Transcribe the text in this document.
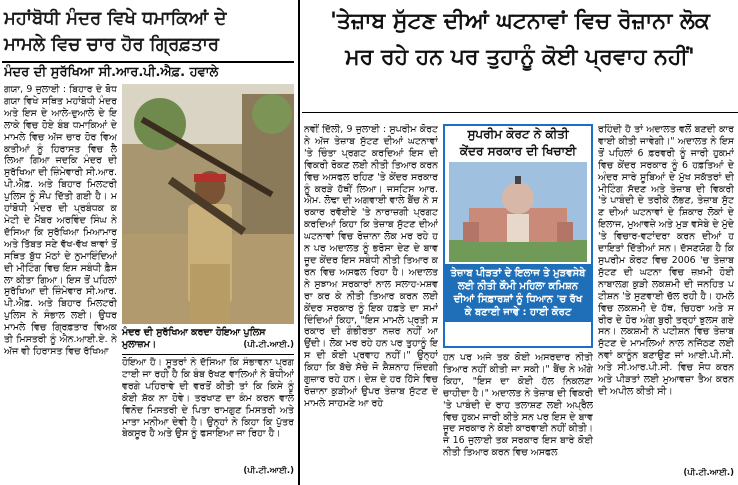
ਮਹਾਂਬੋਧੀ ਮੰਦਰ ਵਿਖੇ ਧਮਾਕਿਆਂ ਦੇ
ਮਾਮਲੇ ਵਿਚ ਚਾਰ ਹੋਰ ਗ੍ਰਿਫ਼ਤਾਰ
ਮੰਦਰ ਦੀ ਸੁਰੱਖਿਆ ਸੀ.ਆਰ.ਪੀ.ਐਫ਼. ਹਵਾਲੇ
ਗਯਾ, 9 ਜੁਲਾਈ : ਬਿਹਾਰ ਦੇ ਬੋਧ ਗਯਾ ਵਿਖੇ ਸਥਿਤ ਮਹਾਂਬੋਧੀ ਮੰਦਰ ਅਤੇ ਇਸ ਦੇ ਆਲੇ-ਦੁਆਲੇ ਦੇ ਇਲਾਕੇ ਵਿਚ ਹੋਏ ਬੰਬ ਧਮਾਕਿਆਂ ਦੇ ਮਾਮਲੇ ਵਿਚ ਅੱਜ ਚਾਰ ਹੋਰ ਵਿਅਕਤੀਆਂ ਨੂੰ ਹਿਰਾਸਤ ਵਿਚ ਲੈ ਲਿਆ ਗਿਆ ਜਦਕਿ ਮੰਦਰ ਦੀ ਸੁਰੱਖਿਆ ਦੀ ਜ਼ਿੰਮੇਵਾਰੀ ਸੀ.ਆਰ.ਪੀ.ਐਫ਼. ਅਤੇ ਬਿਹਾਰ ਮਿਲਟਰੀ ਪੁਲਿਸ ਨੂੰ ਸੌਂਪ ਦਿੱਤੀ ਗਈ ਹੈ। ਮਹਾਂਬੋਧੀ ਮੰਦਰ ਦੀ ਪ੍ਰਬੰਧਕ ਕਮੇਟੀ ਦੇ ਮੈਂਬਰ ਅਰਵਿੰਦ ਸਿੰਘ ਨੇ ਦੱਸਿਆ ਕਿ ਸੁਰੱਖਿਆ ਮਿਆਮਾਰ ਅਤੇ ਤਿੱਬਤ ਸਣੇ ਵੱਖ-ਵੱਖ ਥਾਵਾਂ ਤੋਂ ਸਥਿਤ ਬੁੱਧ ਮੱਠਾਂ ਦੇ ਨੁਮਾਇੰਦਿਆਂ ਦੀ ਮੀਟਿੰਗ ਵਿਚ ਇਸ ਸਬੰਧੀ ਫ਼ੈਸਲਾ ਕੀਤਾ ਗਿਆ। ਇਸ ਤੋਂ ਪਹਿਲਾਂ ਸੁਰੱਖਿਆ ਦੀ ਜ਼ਿੰਮੇਵਾਰ ਸੀ.ਆਰ.ਪੀ.ਐਫ਼. ਅਤੇ ਬਿਹਾਰ ਮਿਲਟਰੀ ਪੁਲਿਸ ਨੇ ਸੰਭਾਲ ਲਈ। ਉਧਰ ਮਾਮਲੇ ਵਿਚ ਗ੍ਰਿਫ਼ਤਾਰ ਵਿਅਕਤੀ ਮਿਸਤਰੀ ਨੂੰ ਐਨ.ਆਈ.ਏ. ਨੇ ਅੱਜ ਵੀ ਹਿਰਾਸਤ ਵਿਚ ਰੱਖਿਆ
ਮੰਦਰ ਦੀ ਸੁਰੱਖਿਆ ਕਰਦਾ ਹੋਇਆ ਪੁਲਿਸ ਮੁਲਾਜ਼ਮ।	(ਪੀ.ਟੀ.ਆਈ.)
ਹੋਇਆ ਹੈ। ਸੂਤਰਾਂ ਨੇ ਦੱਸਿਆ ਕਿ ਸੰਭਾਵਨਾ ਪ੍ਰਗਟਾਈ ਜਾ ਰਹੀ ਹੈ ਕਿ ਬੰਬ ਰੱਖਣ ਵਾਲਿਆਂ ਨੇ ਬੋਧੀਆਂ ਵਰਗੇ ਪਹਿਰਾਵੇ ਦੀ ਵਰਤੋਂ ਕੀਤੀ ਤਾਂ ਕਿ ਕਿਸੇ ਨੂੰ ਕੋਈ ਸ਼ੱਕ ਨਾ ਹੋਵੇ। ਤਰਖਾਣ ਦਾ ਕੰਮ ਕਰਨ ਵਾਲੇ ਵਿਨੋਦ ਮਿਸਤਰੀ ਦੇ ਪਿਤਾ ਰਾਮਗੁਣ ਮਿਸਤਰੀ ਅਤੇ ਮਾਤਾ ਮਨੀਆ ਦੇਵੀ ਹੈ। ਉਨ੍ਹਾਂ ਨੇ ਕਿਹਾ ਕਿ ਪੁੱਤਰ ਬੇਕਸੂਰ ਹੈ ਅਤੇ ਉਸ ਨੂੰ ਫਸਾਇਆ ਜਾ ਰਿਹਾ ਹੈ।
(ਪੀ.ਟੀ.ਆਈ.)
'ਤੇਜ਼ਾਬ ਸੁੱਟਣ ਦੀਆਂ ਘਟਨਾਵਾਂ ਵਿਚ ਰੋਜ਼ਾਨਾ ਲੋਕ
ਮਰ ਰਹੇ ਹਨ ਪਰ ਤੁਹਾਨੂੰ ਕੋਈ ਪ੍ਰਵਾਹ ਨਹੀਂ'
ਨਵੀਂ ਦਿੱਲੀ, 9 ਜੁਲਾਈ : ਸੁਪਰੀਮ ਕੋਰਟ ਨੇ ਅੱਜ ਤੇਜ਼ਾਬ ਸੁੱਟਣ ਦੀਆਂ ਘਟਨਾਵਾਂ 'ਤੇ ਚਿੰਤਾ ਪ੍ਰਗਟ ਕਰਦਿਆਂ ਇਸ ਦੀ ਵਿਕਰੀ ਰੋਕਣ ਲਈ ਨੀਤੀ ਤਿਆਰ ਕਰਨ ਵਿਚ ਅਸਫਲ ਰਹਿਣ 'ਤੇ ਕੇਂਦਰ ਸਰਕਾਰ ਨੂੰ ਕਰੜੇ ਹੱਥੀਂ ਲਿਆ। ਜਸਟਿਸ ਆਰ.ਐਮ. ਲੋਢਾ ਦੀ ਅਗਵਾਈ ਵਾਲੇ ਬੈਂਚ ਨੇ ਸਰਕਾਰ ਰਵੱਈਏ 'ਤੇ ਨਾਰਾਜ਼ਗੀ ਪ੍ਰਗਟ ਕਰਦਿਆਂ ਕਿਹਾ ਕਿ ਤੇਜ਼ਾਬ ਸੁੱਟਣ ਦੀਆਂ ਘਟਨਾਵਾਂ ਵਿਚ ਰੋਜ਼ਾਨਾ ਲੋਕ ਮਰ ਰਹੇ ਹਨ ਪਰ ਅਦਾਲਤ ਨੂੰ ਭਰੋਸਾ ਦੇਣ ਦੇ ਬਾਵਜੂਦ ਕੇਂਦਰ ਇਸ ਸਬੰਧੀ ਨੀਤੀ ਤਿਆਰ ਕਰਨ ਵਿਚ ਅਸਫਲ ਰਿਹਾ ਹੈ। ਅਦਾਲਤ ਨੇ ਸੁਝਾਅ ਸਰਕਾਰਾਂ ਨਾਲ ਸਲਾਹ-ਮਸ਼ਵਰਾ ਕਰ ਕੇ ਨੀਤੀ ਤਿਆਰ ਕਰਨ ਲਈ ਕੇਂਦਰ ਸਰਕਾਰ ਨੂੰ ਇਕ ਹਫ਼ਤੇ ਦਾ ਸਮਾਂ ਦਿੰਦਿਆਂ ਕਿਹਾ, "ਇਸ ਮਾਮਲੇ ਪ੍ਰਤੀ ਸਰਕਾਰ ਦੀ ਗੰਭੀਰਤਾ ਨਜ਼ਰ ਨਹੀਂ ਆਉਂਦੀ। ਲੋਕ ਮਰ ਰਹੇ ਹਨ ਪਰ ਤੁਹਾਨੂੰ ਇਸ ਦੀ ਕੋਈ ਪ੍ਰਵਾਹ ਨਹੀਂ।" ਉਨ੍ਹਾਂ ਕਿਹਾ ਕਿ ਬੱਚੇ ਸੱਚੇ ਜੋ ਸ਼ੈਸ਼ਨਾਹ ਜ਼ਿੰਦਗੀ ਗੁਜ਼ਾਰ ਰਹੇ ਹਨ। ਦੇਸ਼ ਦੇ ਹਰ ਹਿੱਸੇ ਵਿਚ ਰੋਜ਼ਾਨਾ ਕੁੜੀਆਂ ਉਪਰ ਤੇਜ਼ਾਬ ਸੁੱਟਣ ਦੇ ਮਾਮਲੇ ਸਾਹਮਣੇ ਆ ਰਹੇ
ਸੁਪਰੀਮ ਕੋਰਟ ਨੇ ਕੀਤੀ
ਕੇਂਦਰ ਸਰਕਾਰ ਦੀ ਖਿਚਾਈ
ਤੇਜ਼ਾਬ ਪੀੜਤਾਂ ਦੇ ਇਲਾਜ ਤੇ ਮੁੜਵਸੇਬੇ ਲਈ ਨੀਤੀ ਕੌਮੀ ਮਹਿਲਾ ਕਮਿਸ਼ਨ ਦੀਆਂ ਸਿਫ਼ਾਰਸ਼ਾਂ ਨੂੰ ਧਿਆਨ 'ਚ ਰੱਖ ਕੇ ਬਣਾਈ ਜਾਵੇ : ਹਾਈ ਕੋਰਟ
ਹਨ ਪਰ ਅਜੇ ਤਕ ਕੋਈ ਅਸਰਦਾਰ ਨੀਤੀ ਤਿਆਰ ਨਹੀਂ ਕੀਤੀ ਜਾ ਸਕੀ।" ਬੈਂਚ ਨੇ ਅੱਗੇ ਕਿਹਾ, "ਇਸ ਦਾ ਕੋਈ ਹੱਲ ਨਿਕਲਣਾ ਚਾਹੀਦਾ ਹੈ।" ਅਦਾਲਤ ਨੇ ਤੇਜ਼ਾਬ ਦੀ ਵਿਕਰੀ 'ਤੇ ਪਾਬੰਦੀ ਦੇ ਰਾਹ ਤਲਾਸ਼ਣ ਲਈ ਅਪ੍ਰੈਲ ਵਿਚ ਹੁਕਮ ਜਾਰੀ ਕੀਤੇ ਸਨ ਪਰ ਇਸ ਦੇ ਬਾਵਜੂਦ ਸਰਕਾਰ ਨੇ ਕੋਈ ਕਾਰਵਾਈ ਨਹੀਂ ਕੀਤੀ। ਜੇ 16 ਜੁਲਾਈ ਤਕ ਸਰਕਾਰ ਇਸ ਬਾਰੇ ਕੋਈ ਨੀਤੀ ਤਿਆਰ ਕਰਨ ਵਿਚ ਅਸਫਲ
ਰਹਿੰਦੀ ਹੈ ਤਾਂ ਅਦਾਲਤ ਵਲੋਂ ਬਣਦੀ ਕਾਰਵਾਈ ਕੀਤੀ ਜਾਵੇਗੀ।" ਅਦਾਲਤ ਨੇ ਇਸ ਤੋਂ ਪਹਿਲਾਂ 6 ਫ਼ਰਵਰੀ ਨੂੰ ਜਾਰੀ ਹੁਕਮਾਂ ਵਿਚ ਕੇਂਦਰ ਸਰਕਾਰ ਨੂੰ 6 ਹਫ਼ਤਿਆਂ ਦੇ ਅੰਦਰ ਸਾਰੇ ਸੂਬਿਆਂ ਦੇ ਮੁੱਖ ਸਕੱਤਰਾਂ ਦੀ ਮੀਟਿੰਗ ਸੱਦਣ ਅਤੇ ਤੇਜ਼ਾਬ ਦੀ ਵਿਕਰੀ 'ਤੇ ਪਾਬੰਦੀ ਦੇ ਤਰੀਕੇ ਲੱਭਣ, ਤੇਜ਼ਾਬ ਸੁੱਟਣ ਦੀਆਂ ਘਟਨਾਵਾਂ ਦੇ ਸ਼ਿਕਾਰ ਲੋਕਾਂ ਦੇ ਇਲਾਜ, ਮੁਆਵਜ਼ੇ ਅਤੇ ਮੁੜ ਵਸੇਬੇ ਦੇ ਮੁੱਦੇ 'ਤੇ ਵਿਚਾਰ-ਵਟਾਂਦਰਾ ਕਰਨ ਦੀਆਂ ਹਦਾਇਤਾਂ ਦਿੱਤੀਆਂ ਸਨ। ਦੱਸਣਯੋਗ ਹੈ ਕਿ ਸੁਪਰੀਮ ਕੋਰਟ ਵਿਚ 2006 'ਚ ਤੇਜ਼ਾਬ ਸੁੱਟਣ ਦੀ ਘਟਨਾ ਵਿਚ ਜ਼ਖ਼ਮੀ ਹੋਈ ਨਾਬਾਲਗ਼ ਕੁੜੀ ਲਕਸ਼ਮੀ ਦੀ ਜਨਹਿਤ ਪਟੀਸ਼ਨ 'ਤੇ ਸੁਣਵਾਈ ਚੱਲ ਰਹੀ ਹੈ। ਹਮਲੇ ਵਿਚ ਲਕਸ਼ਮੀ ਦੇ ਹੱਥ, ਚਿਹਰਾ ਅਤੇ ਸਰੀਰ ਦੇ ਹੋਰ ਅੰਗ ਬੁਰੀ ਤਰ੍ਹਾਂ ਝੁਲਸ ਗਏ ਸਨ। ਲਕਸ਼ਮੀ ਨੇ ਪਟੀਸ਼ਨ ਵਿਚ ਤੇਜ਼ਾਬ ਸੁੱਟਣ ਦੇ ਮਾਮਲਿਆਂ ਨਾਲ ਨਜਿੱਠਣ ਲਈ ਨਵਾਂ ਕਾਨੂੰਨ ਬਣਾਉਣ ਜਾਂ ਆਈ.ਪੀ.ਸੀ. ਅਤੇ ਸੀ.ਆਰ.ਪੀ.ਸੀ. ਵਿਚ ਸੋਧ ਕਰਨ ਅਤੇ ਪੀੜਤਾਂ ਲਈ ਮੁਆਵਜ਼ਾ ਤੈਅ ਕਰਨ ਦੀ ਅਪੀਲ ਕੀਤੀ ਸੀ।
(ਪੀ.ਟੀ.ਆਈ.)
